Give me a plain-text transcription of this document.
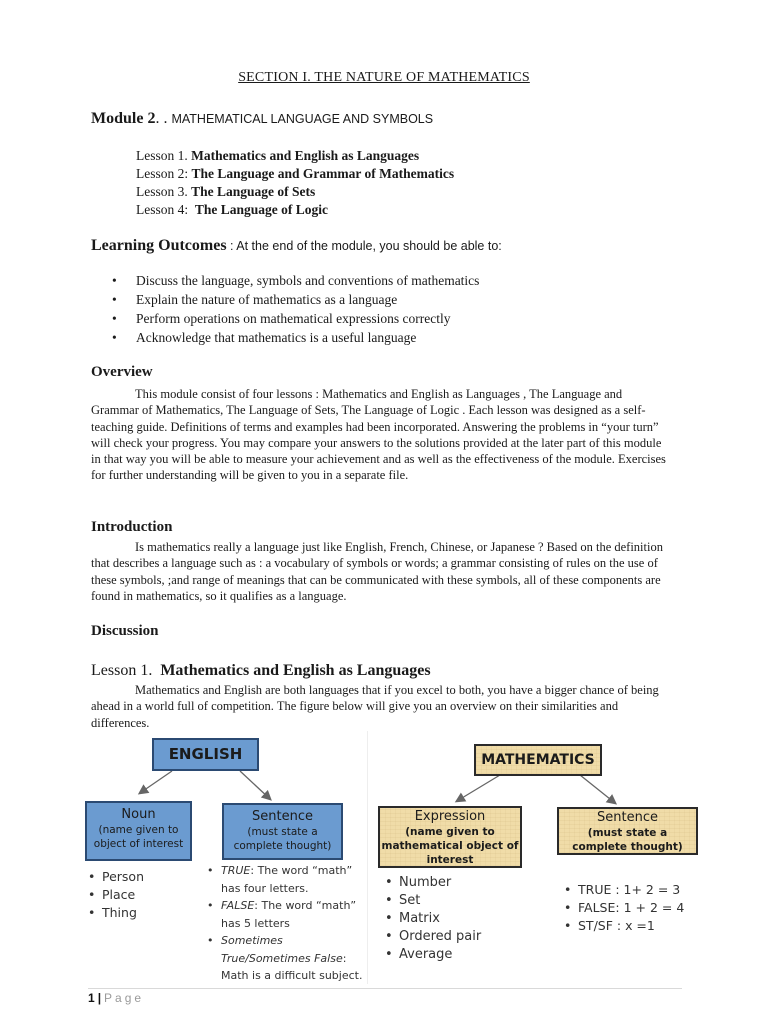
SECTION I. THE NATURE OF MATHEMATICS
Module 2. . MATHEMATICAL LANGUAGE AND SYMBOLS
Lesson 1. Mathematics and English as Languages
Lesson 2: The Language and Grammar of Mathematics
Lesson 3. The Language of Sets
Lesson 4: The Language of Logic
Learning Outcomes : At the end of the module, you should be able to:
• Discuss the language, symbols and conventions of mathematics
• Explain the nature of mathematics as a language
• Perform operations on mathematical expressions correctly
• Acknowledge that mathematics is a useful language
Overview
This module consist of four lessons : Mathematics and English as Languages , The Language and Grammar of Mathematics, The Language of Sets, The Language of Logic . Each lesson was designed as a self-teaching guide. Definitions of terms and examples had been incorporated. Answering the problems in “your turn” will check your progress. You may compare your answers to the solutions provided at the later part of this module in that way you will be able to measure your achievement and as well as the effectiveness of the module. Exercises for further understanding will be given to you in a separate file.
Introduction
Is mathematics really a language just like English, French, Chinese, or Japanese ? Based on the definition that describes a language such as : a vocabulary of symbols or words; a grammar consisting of rules on the use of these symbols, ;and range of meanings that can be communicated with these symbols, all of these components are found in mathematics, so it qualifies as a language.
Discussion
Lesson 1. Mathematics and English as Languages
Mathematics and English are both languages that if you excel to both, you have a bigger chance of being ahead in a world full of competition. The figure below will give you an overview on their similarities and differences.
ENGLISH
Noun
(name given to object of interest
Sentence
(must state a complete thought)
• Person
• Place
• Thing
• TRUE: The word “math” has four letters.
• FALSE: The word “math” has 5 letters
• Sometimes True/Sometimes False: Math is a difficult subject.
MATHEMATICS
Expression
(name given to mathematical object of interest
Sentence
(must state a complete thought)
• Number
• Set
• Matrix
• Ordered pair
• Average
• TRUE : 1+ 2 = 3
• FALSE: 1 + 2 = 4
• ST/SF : x =1
1 | Page
